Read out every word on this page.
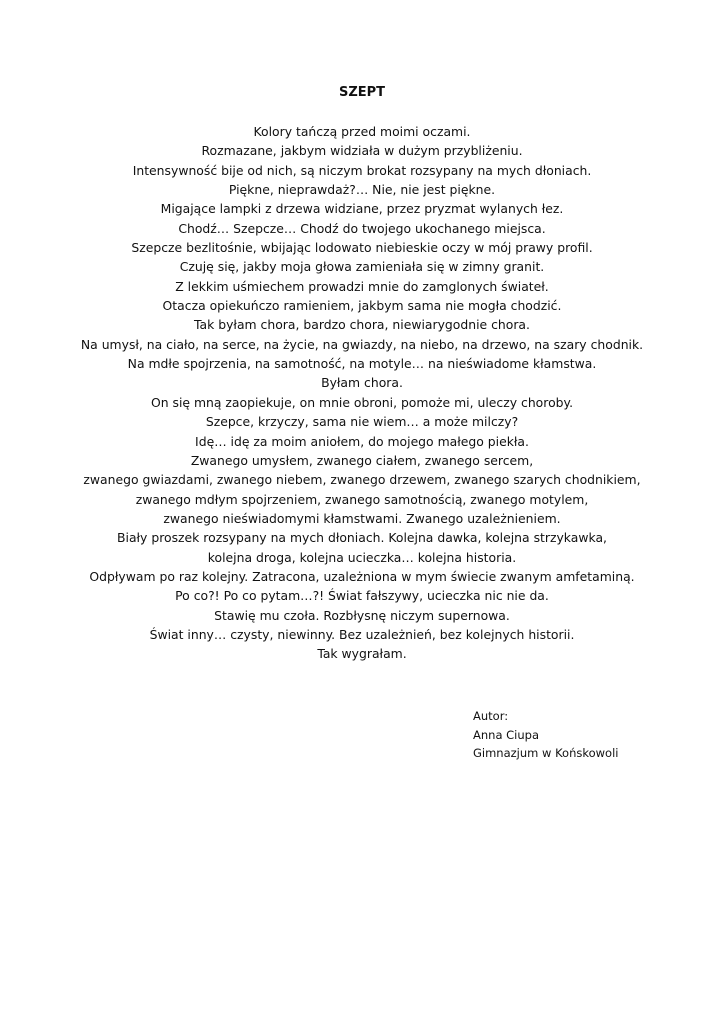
SZEPT
Kolory tańczą przed moimi oczami.
Rozmazane, jakbym widziała w dużym przybliżeniu.
Intensywność bije od nich, są niczym brokat rozsypany na mych dłoniach.
Piękne, nieprawdaż?… Nie, nie jest piękne.
Migające lampki z drzewa widziane, przez pryzmat wylanych łez.
Chodź… Szepcze… Chodź do twojego ukochanego miejsca.
Szepcze bezlitośnie, wbijając lodowato niebieskie oczy w mój prawy profil.
Czuję się, jakby moja głowa zamieniała się w zimny granit.
Z lekkim uśmiechem prowadzi mnie do zamglonych świateł.
Otacza opiekuńczo ramieniem, jakbym sama nie mogła chodzić.
Tak byłam chora, bardzo chora, niewiarygodnie chora.
Na umysł, na ciało, na serce, na życie, na gwiazdy, na niebo, na drzewo, na szary chodnik.
Na mdłe spojrzenia, na samotność, na motyle… na nieświadome kłamstwa.
Byłam chora.
On się mną zaopiekuje, on mnie obroni, pomoże mi, uleczy choroby.
Szepce, krzyczy, sama nie wiem… a może milczy?
Idę… idę za moim aniołem, do mojego małego piekła.
Zwanego umysłem, zwanego ciałem, zwanego sercem,
zwanego gwiazdami, zwanego niebem, zwanego drzewem, zwanego szarych chodnikiem,
zwanego mdłym spojrzeniem, zwanego samotnością, zwanego motylem,
zwanego nieświadomymi kłamstwami. Zwanego uzależnieniem.
Biały proszek rozsypany na mych dłoniach. Kolejna dawka, kolejna strzykawka,
kolejna droga, kolejna ucieczka… kolejna historia.
Odpływam po raz kolejny. Zatracona, uzależniona w mym świecie zwanym amfetaminą.
Po co?! Po co pytam…?! Świat fałszywy, ucieczka nic nie da.
Stawię mu czoła. Rozbłysnę niczym supernowa.
Świat inny… czysty, niewinny. Bez uzależnień, bez kolejnych historii.
Tak wygrałam.
Autor:
Anna Ciupa
Gimnazjum w Końskowoli
